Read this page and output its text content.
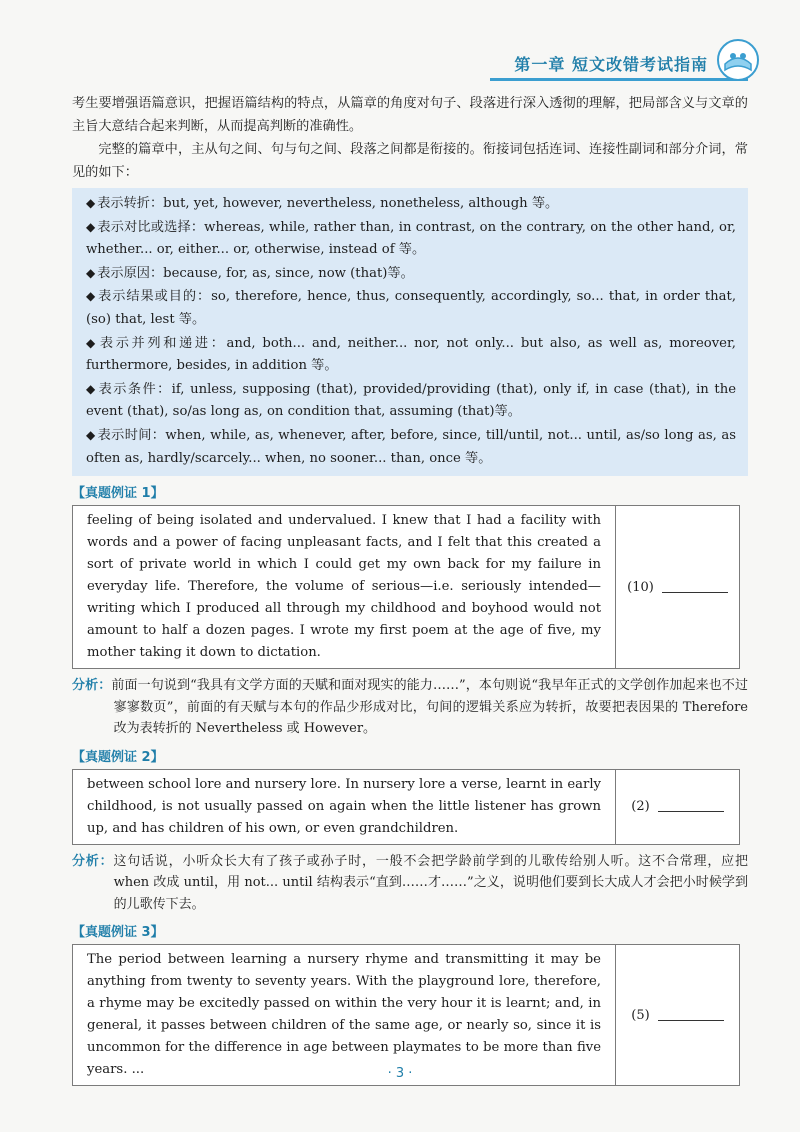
第一章 短文改错考试指南

考生要增强语篇意识，把握语篇结构的特点，从篇章的角度对句子、段落进行深入透彻的理解，把局部含义与文章的主旨大意结合起来判断，从而提高判断的准确性。

完整的篇章中，主从句之间、句与句之间、段落之间都是衔接的。衔接词包括连词、连接性副词和部分介词，常见的如下：

◆ 表示转折：but, yet, however, nevertheless, nonetheless, although 等。
◆ 表示对比或选择：whereas, while, rather than, in contrast, on the contrary, on the other hand, or, whether... or, either... or, otherwise, instead of 等。
◆ 表示原因：because, for, as, since, now (that)等。
◆ 表示结果或目的：so, therefore, hence, thus, consequently, accordingly, so... that, in order that, (so) that, lest 等。
◆ 表示并列和递进：and, both... and, neither... nor, not only... but also, as well as, moreover, furthermore, besides, in addition 等。
◆ 表示条件：if, unless, supposing (that), provided/providing (that), only if, in case (that), in the event (that), so/as long as, on condition that, assuming (that)等。
◆ 表示时间：when, while, as, whenever, after, before, since, till/until, not... until, as/so long as, as often as, hardly/scarcely... when, no sooner... than, once 等。
【真题例证 1】
feeling of being isolated and undervalued. I knew that I had a facility with words and a power of facing unpleasant facts, and I felt that this created a sort of private world in which I could get my own back for my failure in everyday life. Therefore, the volume of serious—i.e. seriously intended—writing which I produced all through my childhood and boyhood would not amount to half a dozen pages. I wrote my first poem at the age of five, my mother taking it down to dictation.	(10)
分析：前面一句说到“我具有文学方面的天赋和面对现实的能力……”，本句则说“我早年正式的文学创作加起来也不过寥寥数页”，前面的有天赋与本句的作品少形成对比，句间的逻辑关系应为转折，故要把表因果的 Therefore 改为表转折的 Nevertheless 或 However。
【真题例证 2】
between school lore and nursery lore. In nursery lore a verse, learnt in early childhood, is not usually passed on again when the little listener has grown up, and has children of his own, or even grandchildren.	(2)
分析：这句话说，小听众长大有了孩子或孙子时，一般不会把学龄前学到的儿歌传给别人听。这不合常理，应把 when 改成 until，用 not... until 结构表示“直到……才……”之义，说明他们要到长大成人才会把小时候学到的儿歌传下去。
【真题例证 3】
The period between learning a nursery rhyme and transmitting it may be anything from twenty to seventy years. With the playground lore, therefore, a rhyme may be excitedly passed on within the very hour it is learnt; and, in general, it passes between children of the same age, or nearly so, since it is uncommon for the difference in age between playmates to be more than five years. ...	(5)
· 3 ·
